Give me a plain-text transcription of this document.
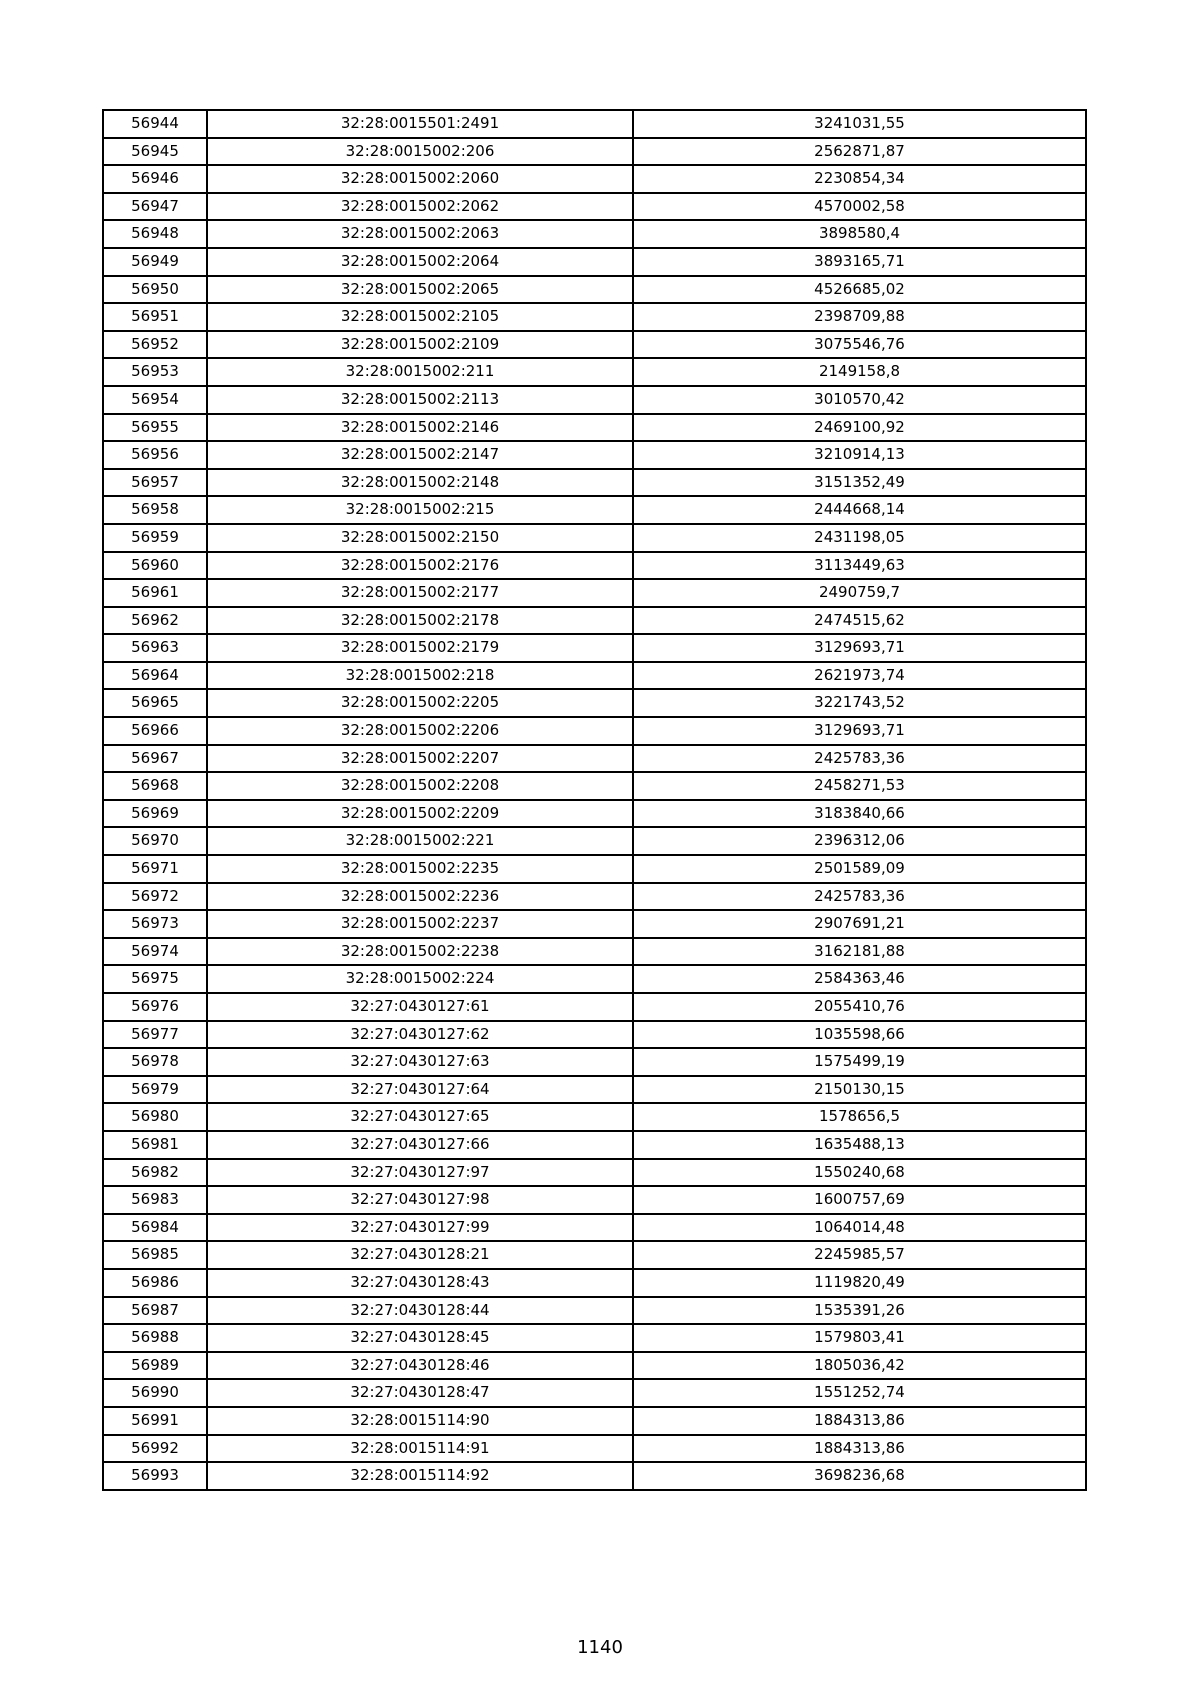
56944	32:28:0015501:2491	3241031,55
56945	32:28:0015002:206	2562871,87
56946	32:28:0015002:2060	2230854,34
56947	32:28:0015002:2062	4570002,58
56948	32:28:0015002:2063	3898580,4
56949	32:28:0015002:2064	3893165,71
56950	32:28:0015002:2065	4526685,02
56951	32:28:0015002:2105	2398709,88
56952	32:28:0015002:2109	3075546,76
56953	32:28:0015002:211	2149158,8
56954	32:28:0015002:2113	3010570,42
56955	32:28:0015002:2146	2469100,92
56956	32:28:0015002:2147	3210914,13
56957	32:28:0015002:2148	3151352,49
56958	32:28:0015002:215	2444668,14
56959	32:28:0015002:2150	2431198,05
56960	32:28:0015002:2176	3113449,63
56961	32:28:0015002:2177	2490759,7
56962	32:28:0015002:2178	2474515,62
56963	32:28:0015002:2179	3129693,71
56964	32:28:0015002:218	2621973,74
56965	32:28:0015002:2205	3221743,52
56966	32:28:0015002:2206	3129693,71
56967	32:28:0015002:2207	2425783,36
56968	32:28:0015002:2208	2458271,53
56969	32:28:0015002:2209	3183840,66
56970	32:28:0015002:221	2396312,06
56971	32:28:0015002:2235	2501589,09
56972	32:28:0015002:2236	2425783,36
56973	32:28:0015002:2237	2907691,21
56974	32:28:0015002:2238	3162181,88
56975	32:28:0015002:224	2584363,46
56976	32:27:0430127:61	2055410,76
56977	32:27:0430127:62	1035598,66
56978	32:27:0430127:63	1575499,19
56979	32:27:0430127:64	2150130,15
56980	32:27:0430127:65	1578656,5
56981	32:27:0430127:66	1635488,13
56982	32:27:0430127:97	1550240,68
56983	32:27:0430127:98	1600757,69
56984	32:27:0430127:99	1064014,48
56985	32:27:0430128:21	2245985,57
56986	32:27:0430128:43	1119820,49
56987	32:27:0430128:44	1535391,26
56988	32:27:0430128:45	1579803,41
56989	32:27:0430128:46	1805036,42
56990	32:27:0430128:47	1551252,74
56991	32:28:0015114:90	1884313,86
56992	32:28:0015114:91	1884313,86
56993	32:28:0015114:92	3698236,68
1140
